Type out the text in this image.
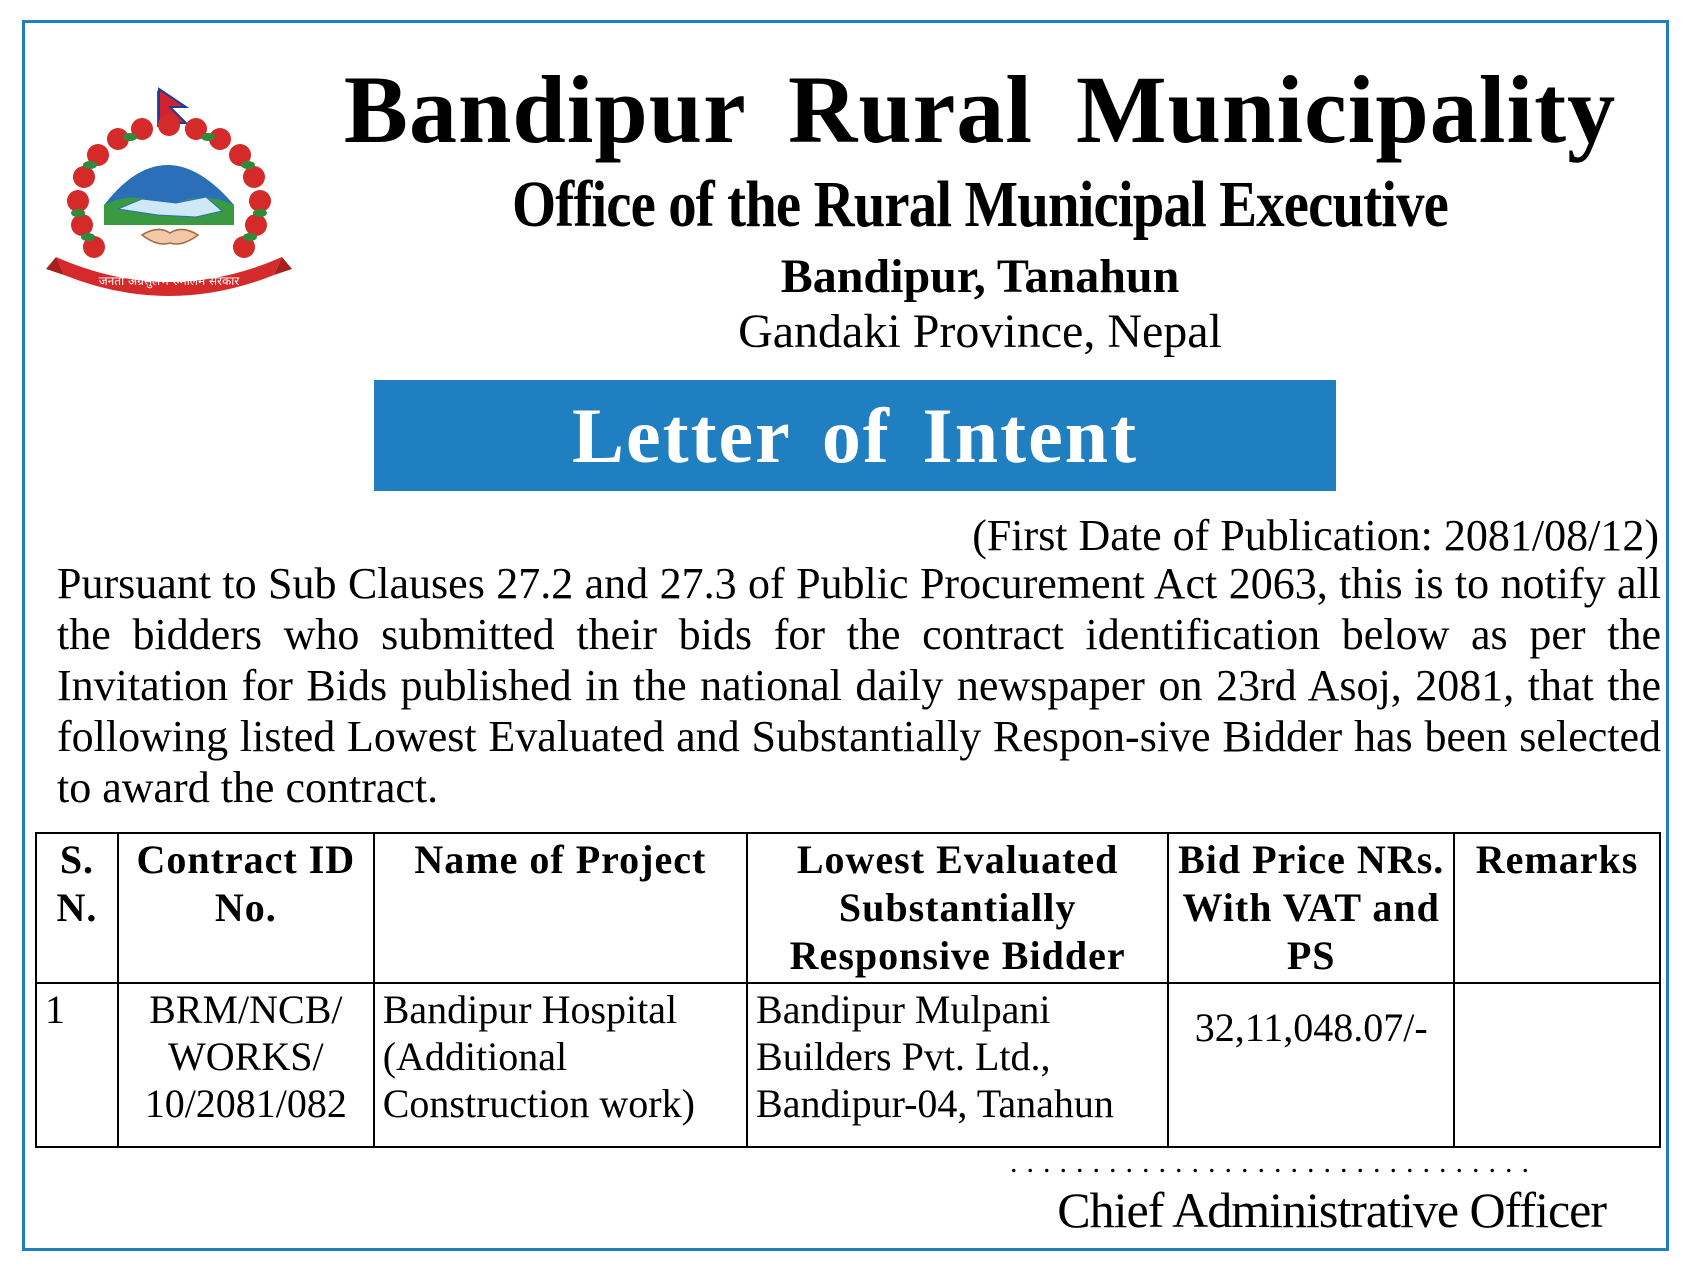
जनता अग्रसुलभ रुमालमै सरकार
Bandipur Rural Municipality
Office of the Rural Municipal Executive
Bandipur, Tanahun
Gandaki Province, Nepal
Letter of Intent
(First Date of Publication: 2081/08/12)
Pursuant to Sub Clauses 27.2 and 27.3 of Public Procurement Act 2063, this is to notify all the bidders who submitted their bids for the contract identification below as per the Invitation for Bids published in the national daily newspaper on 23rd Asoj, 2081, that the following listed Lowest Evaluated and Substantially Respon-sive Bidder has been selected to award the contract.
S. N.	Contract ID No.	Name of Project	Lowest Evaluated Substantially Responsive Bidder	Bid Price NRs. With VAT and PS	Remarks
1	BRM/NCB/ WORKS/ 10/2081/082	Bandipur Hospital (Additional Construction work)	Bandipur Mulpani Builders Pvt. Ltd., Bandipur-04, Tanahun	32,11,048.07/-	
................................
Chief Administrative Officer
